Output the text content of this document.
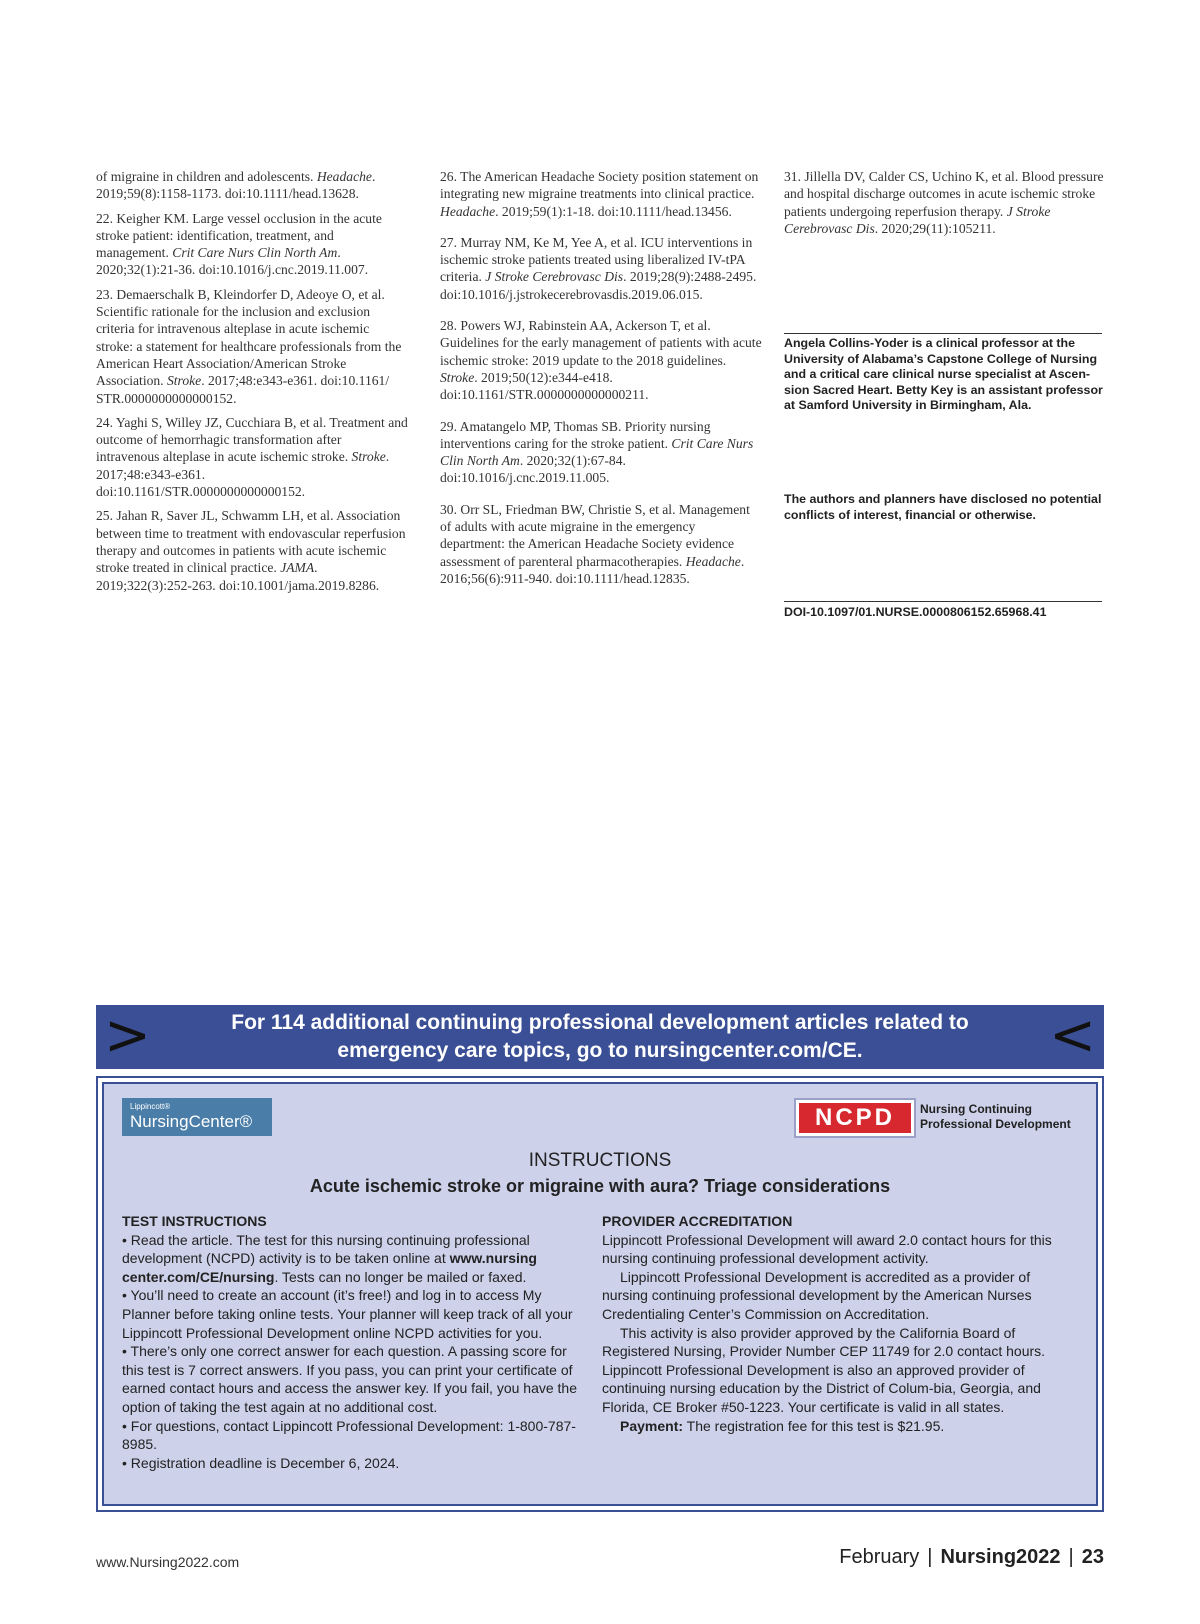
of migraine in children and adolescents. Headache. 2019;59(8):1158-1173. doi:10.1111/head.13628.

22. Keigher KM. Large vessel occlusion in the acute stroke patient: identification, treatment, and management. Crit Care Nurs Clin North Am. 2020;32(1):21-36. doi:10.1016/j.cnc.2019.11.007.

23. Demaerschalk B, Kleindorfer D, Adeoye O, et al. Scientific rationale for the inclusion and exclusion criteria for intravenous alteplase in acute ischemic stroke: a statement for healthcare professionals from the American Heart Association/American Stroke Association. Stroke. 2017;48:e343-e361. doi:10.1161/ STR.0000000000000152.

24. Yaghi S, Willey JZ, Cucchiara B, et al. Treatment and outcome of hemorrhagic transformation after intravenous alteplase in acute ischemic stroke. Stroke. 2017;48:e343-e361. doi:10.1161/STR.0000000000000152.

25. Jahan R, Saver JL, Schwamm LH, et al. Association between time to treatment with endovascular reperfusion therapy and outcomes in patients with acute ischemic stroke treated in clinical practice. JAMA. 2019;322(3):252-263. doi:10.1001/jama.2019.8286.

26. The American Headache Society position statement on integrating new migraine treatments into clinical practice. Headache. 2019;59(1):1-18. doi:10.1111/head.13456.

27. Murray NM, Ke M, Yee A, et al. ICU interventions in ischemic stroke patients treated using liberalized IV-tPA criteria. J Stroke Cerebrovasc Dis. 2019;28(9):2488-2495. doi:10.1016/j.jstrokecerebrovasdis.2019.06.015.

28. Powers WJ, Rabinstein AA, Ackerson T, et al. Guidelines for the early management of patients with acute ischemic stroke: 2019 update to the 2018 guidelines. Stroke. 2019;50(12):e344-e418. doi:10.1161/STR.0000000000000211.

29. Amatangelo MP, Thomas SB. Priority nursing interventions caring for the stroke patient. Crit Care Nurs Clin North Am. 2020;32(1):67-84. doi:10.1016/j.cnc.2019.11.005.

30. Orr SL, Friedman BW, Christie S, et al. Management of adults with acute migraine in the emergency department: the American Headache Society evidence assessment of parenteral pharmacotherapies. Headache. 2016;56(6):911-940. doi:10.1111/head.12835.

31. Jillella DV, Calder CS, Uchino K, et al. Blood pressure and hospital discharge outcomes in acute ischemic stroke patients undergoing reperfusion therapy. J Stroke Cerebrovasc Dis. 2020;29(11):105211.

Angela Collins-Yoder is a clinical professor at the University of Alabama’s Capstone College of Nursing and a critical care clinical nurse specialist at Ascen-sion Sacred Heart. Betty Key is an assistant professor at Samford University in Birmingham, Ala.
The authors and planners have disclosed no potential conflicts of interest, financial or otherwise.
DOI-10.1097/01.NURSE.0000806152.65968.41
>	For 114 additional continuing professional development articles related to
emergency care topics, go to nursingcenter.com/CE.	<
Lippincott®
NursingCenter®	NCPD	Nursing Continuing
Professional Development
INSTRUCTIONS
Acute ischemic stroke or migraine with aura? Triage considerations

TEST INSTRUCTIONS

• Read the article. The test for this nursing continuing professional development (NCPD) activity is to be taken online at www.nursing center.com/CE/nursing. Tests can no longer be mailed or faxed.

• You’ll need to create an account (it’s free!) and log in to access My Planner before taking online tests. Your planner will keep track of all your Lippincott Professional Development online NCPD activities for you.

• There’s only one correct answer for each question. A passing score for this test is 7 correct answers. If you pass, you can print your certificate of earned contact hours and access the answer key. If you fail, you have the option of taking the test again at no additional cost.

• For questions, contact Lippincott Professional Development: 1-800-787-8985.

• Registration deadline is December 6, 2024.

PROVIDER ACCREDITATION

Lippincott Professional Development will award 2.0 contact hours for this nursing continuing professional development activity.

Lippincott Professional Development is accredited as a provider of nursing continuing professional development by the American Nurses Credentialing Center’s Commission on Accreditation.

This activity is also provider approved by the California Board of Registered Nursing, Provider Number CEP 11749 for 2.0 contact hours. Lippincott Professional Development is also an approved provider of continuing nursing education by the District of Colum-bia, Georgia, and Florida, CE Broker #50-1223. Your certificate is valid in all states.

Payment: The registration fee for this test is $21.95.

www.Nursing2022.com	February | Nursing2022 | 23
